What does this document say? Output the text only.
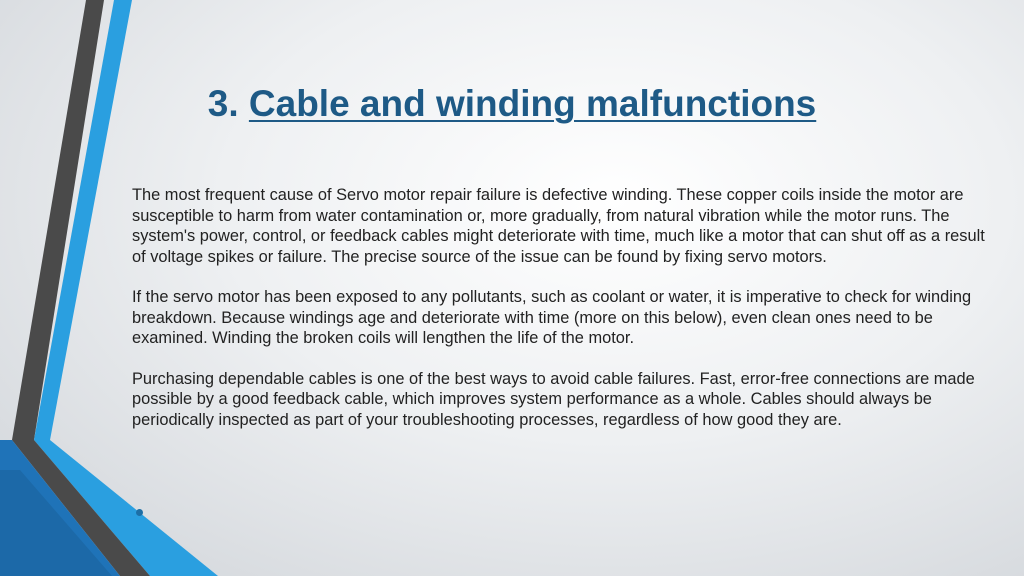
3. Cable and winding malfunctions

The most frequent cause of Servo motor repair failure is defective winding. These copper coils inside the motor are susceptible to harm from water contamination or, more gradually, from natural vibration while the motor runs. The system's power, control, or feedback cables might deteriorate with time, much like a motor that can shut off as a result of voltage spikes or failure. The precise source of the issue can be found by fixing servo motors.

If the servo motor has been exposed to any pollutants, such as coolant or water, it is imperative to check for winding breakdown. Because windings age and deteriorate with time (more on this below), even clean ones need to be examined. Winding the broken coils will lengthen the life of the motor.

Purchasing dependable cables is one of the best ways to avoid cable failures. Fast, error-free connections are made possible by a good feedback cable, which improves system performance as a whole. Cables should always be periodically inspected as part of your troubleshooting processes, regardless of how good they are.
